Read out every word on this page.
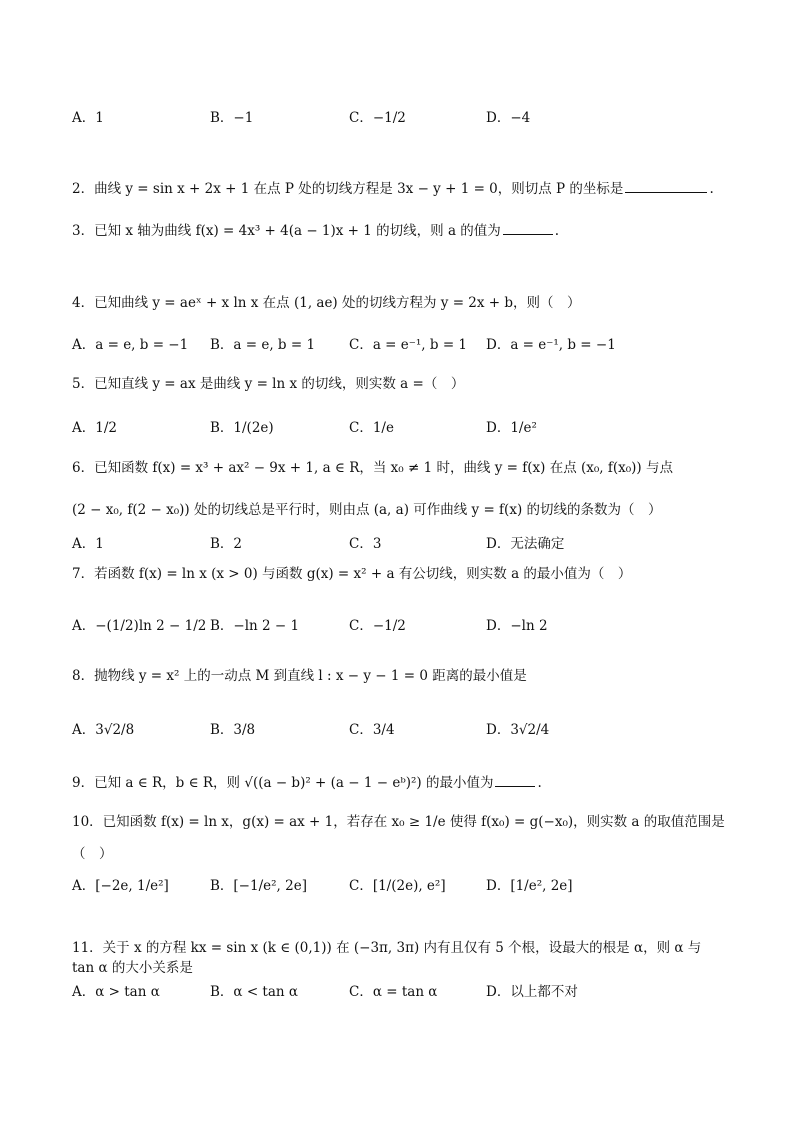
A．1	B．−1	C．−1/2	D．−4
2．曲线 y = sin x + 2x + 1 在点 P 处的切线方程是 3x − y + 1 = 0，则切点 P 的坐标是	.
3．已知 x 轴为曲线 f(x) = 4x³ + 4(a − 1)x + 1 的切线，则 a 的值为	.
4．已知曲线 y = aeˣ + x ln x 在点 (1, ae) 处的切线方程为 y = 2x + b，则（　）
A．a = e, b = −1 B．a = e, b = 1	C．a = e⁻¹, b = 1 D．a = e⁻¹, b = −1
5．已知直线 y = ax 是曲线 y = ln x 的切线，则实数 a =（　）
A．1/2	B．1/(2e)	C．1/e	D．1/e²
6．已知函数 f(x) = x³ + ax² − 9x + 1, a ∈ R，当 x₀ ≠ 1 时，曲线 y = f(x) 在点 (x₀, f(x₀)) 与点
(2 − x₀, f(2 − x₀)) 处的切线总是平行时，则由点 (a, a) 可作曲线 y = f(x) 的切线的条数为（　）
A．1	B．2	C．3	D．无法确定
7．若函数 f(x) = ln x (x > 0) 与函数 g(x) = x² + a 有公切线，则实数 a 的最小值为（　）
A．−(1/2)ln 2 − 1/2 B．−ln 2 − 1	C．−1/2	D．−ln 2
8．抛物线 y = x² 上的一动点 M 到直线 l : x − y − 1 = 0 距离的最小值是
A．3√2/8	B．3/8	C．3/4	D．3√2/4
9．已知 a ∈ R，b ∈ R，则 √((a − b)² + (a − 1 − eᵇ)²) 的最小值为	.
10．已知函数 f(x) = ln x，g(x) = ax + 1，若存在 x₀ ≥ 1/e 使得 f(x₀) = g(−x₀)，则实数 a 的取值范围是
（　）
A．[−2e, 1/e²]	B．[−1/e², 2e]	C．[1/(2e), e²]	D．[1/e², 2e]
11．关于 x 的方程 kx = sin x (k ∈ (0,1)) 在 (−3π, 3π) 内有且仅有 5 个根，设最大的根是 α，则 α 与 tan α 的大小关系是
A．α > tan α	B．α < tan α	C．α = tan α	D．以上都不对
